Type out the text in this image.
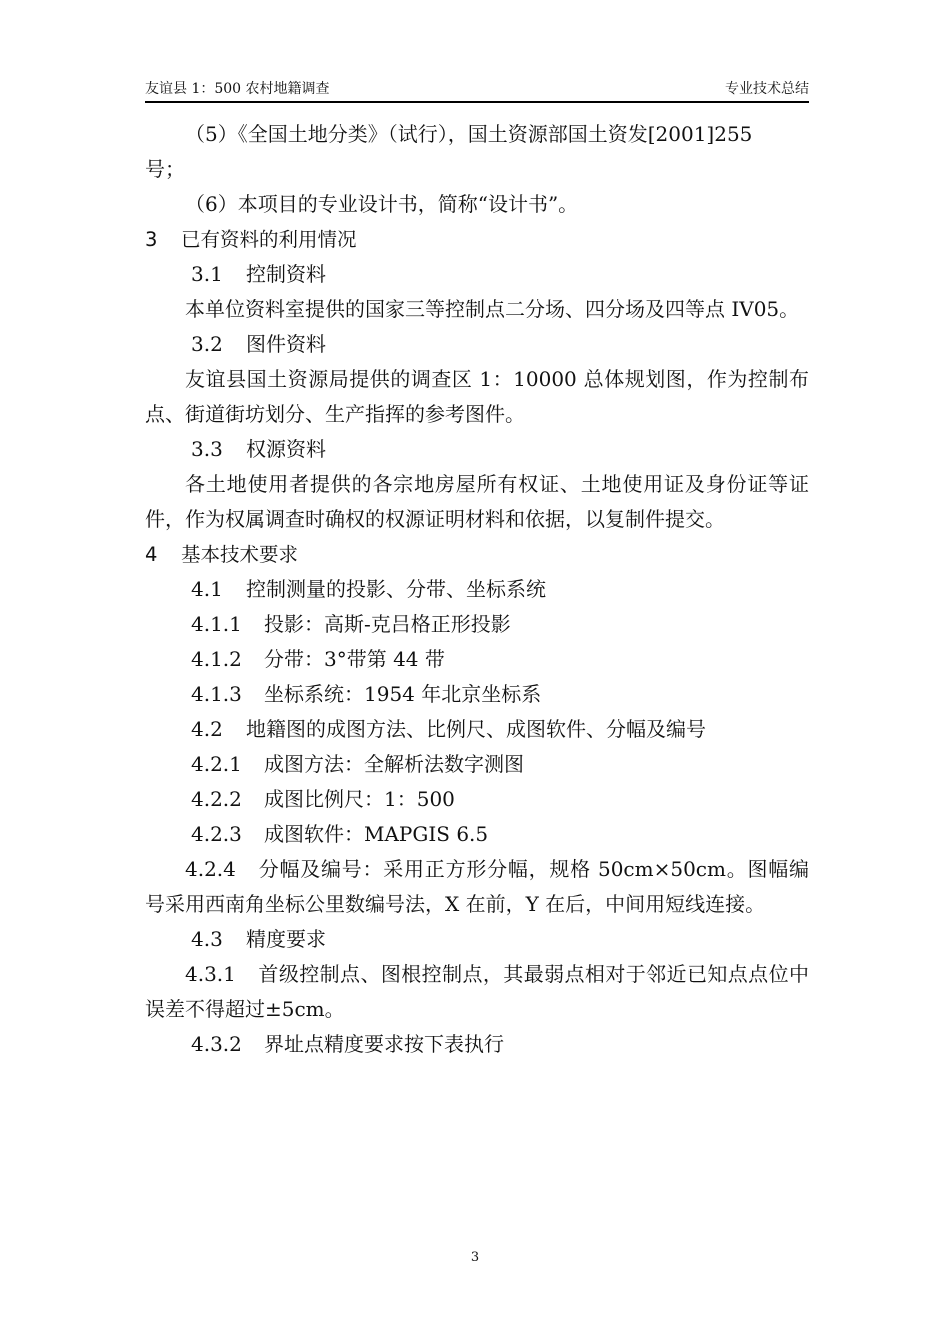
友谊县 1：500 农村地籍调查	专业技术总结

（5）《全国土地分类》（试行），国土资源部国土资发[2001]255
号；

（6）本项目的专业设计书，简称“设计书”。

3 已有资料的利用情况

3.1 控制资料

本单位资料室提供的国家三等控制点二分场、四分场及四等点 IV05。

3.2 图件资料

友谊县国土资源局提供的调查区 1：10000 总体规划图，作为控制布点、街道街坊划分、生产指挥的参考图件。

3.3 权源资料

各土地使用者提供的各宗地房屋所有权证、土地使用证及身份证等证件，作为权属调查时确权的权源证明材料和依据，以复制件提交。

4 基本技术要求

4.1 控制测量的投影、分带、坐标系统

4.1.1 投影：高斯-克吕格正形投影

4.1.2 分带：3°带第 44 带

4.1.3 坐标系统：1954 年北京坐标系

4.2 地籍图的成图方法、比例尺、成图软件、分幅及编号

4.2.1 成图方法：全解析法数字测图

4.2.2 成图比例尺：1：500

4.2.3 成图软件：MAPGIS 6.5

4.2.4 分幅及编号：采用正方形分幅，规格 50cm×50cm。图幅编号采用西南角坐标公里数编号法，X 在前，Y 在后，中间用短线连接。

4.3 精度要求

4.3.1 首级控制点、图根控制点，其最弱点相对于邻近已知点点位中误差不得超过±5cm。

4.3.2 界址点精度要求按下表执行

3
